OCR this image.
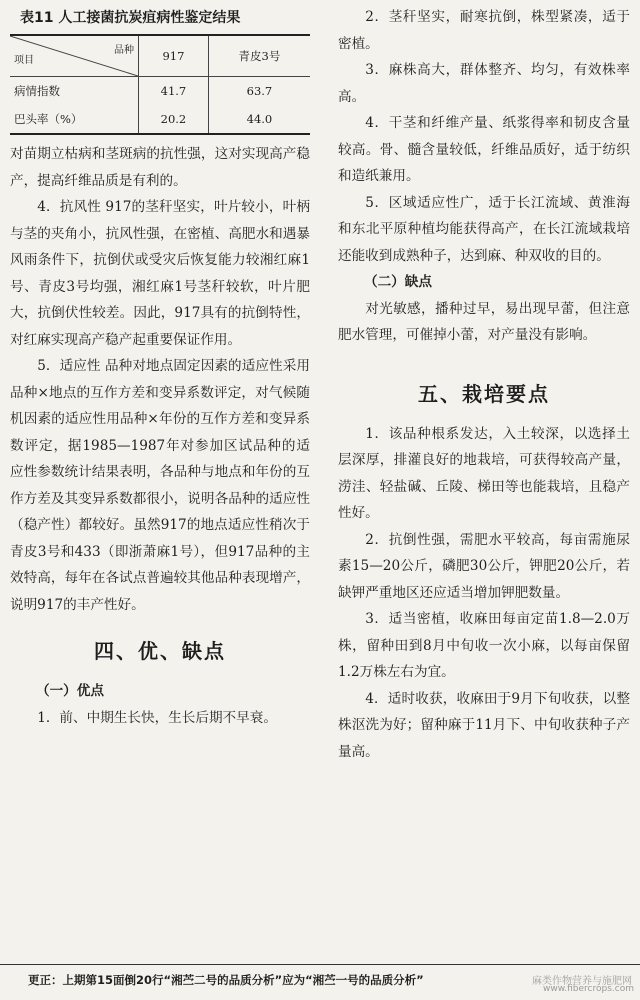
表11 人工接菌抗炭疽病性鉴定结果
品种
项目	917	青皮3号
病情指数	41.7	63.7
巴头率（%）	20.2	44.0

对苗期立枯病和茎斑病的抗性强，这对实现高产稳产，提高纤维品质是有利的。

4．抗风性 917的茎秆坚实，叶片较小，叶柄与茎的夹角小，抗风性强，在密植、高肥水和遇暴风雨条件下，抗倒伏或受灾后恢复能力较湘红麻1号、青皮3号均强，湘红麻1号茎秆较软，叶片肥大，抗倒伏性较差。因此，917具有的抗倒特性，对红麻实现高产稳产起重要保证作用。

5．适应性 品种对地点固定因素的适应性采用品种×地点的互作方差和变异系数评定，对气候随机因素的适应性用品种×年份的互作方差和变异系数评定，据1985—1987年对参加区试品种的适应性参数统计结果表明，各品种与地点和年份的互作方差及其变异系数都很小，说明各品种的适应性（稳产性）都较好。虽然917的地点适应性稍次于青皮3号和433（即浙萧麻1号），但917品种的主效特高，每年在各试点普遍较其他品种表现增产，说明917的丰产性好。

四、优、缺点
（一）优点

1．前、中期生长快，生长后期不早衰。

2．茎秆坚实，耐寒抗倒，株型紧凑，适于密植。

3．麻株高大，群体整齐、均匀，有效株率高。

4．干茎和纤维产量、纸浆得率和韧皮含量较高。骨、髓含量较低，纤维品质好，适于纺织和造纸兼用。

5．区域适应性广，适于长江流域、黄淮海和东北平原种植均能获得高产，在长江流域栽培还能收到成熟种子，达到麻、种双收的目的。

（二）缺点

对光敏感，播种过早，易出现早蕾，但注意肥水管理，可催掉小蕾，对产量没有影响。

五、栽培要点

1．该品种根系发达，入土较深，以选择土层深厚，排灌良好的地栽培，可获得较高产量，涝洼、轻盐碱、丘陵、梯田等也能栽培，且稳产性好。

2．抗倒性强，需肥水平较高，每亩需施尿素15—20公斤，磷肥30公斤，钾肥20公斤，若缺钾严重地区还应适当增加钾肥数量。

3．适当密植，收麻田每亩定苗1.8—2.0万株，留种田到8月中旬收一次小麻，以每亩保留1.2万株左右为宜。

4．适时收获，收麻田于9月下旬收获，以整株沤洗为好；留种麻于11月下、中旬收获种子产量高。

更正：上期第15面倒20行“湘苎二号的品质分析”应为“湘苎一号的品质分析”	麻类作物营养与施肥网
www.fibercrops.com
